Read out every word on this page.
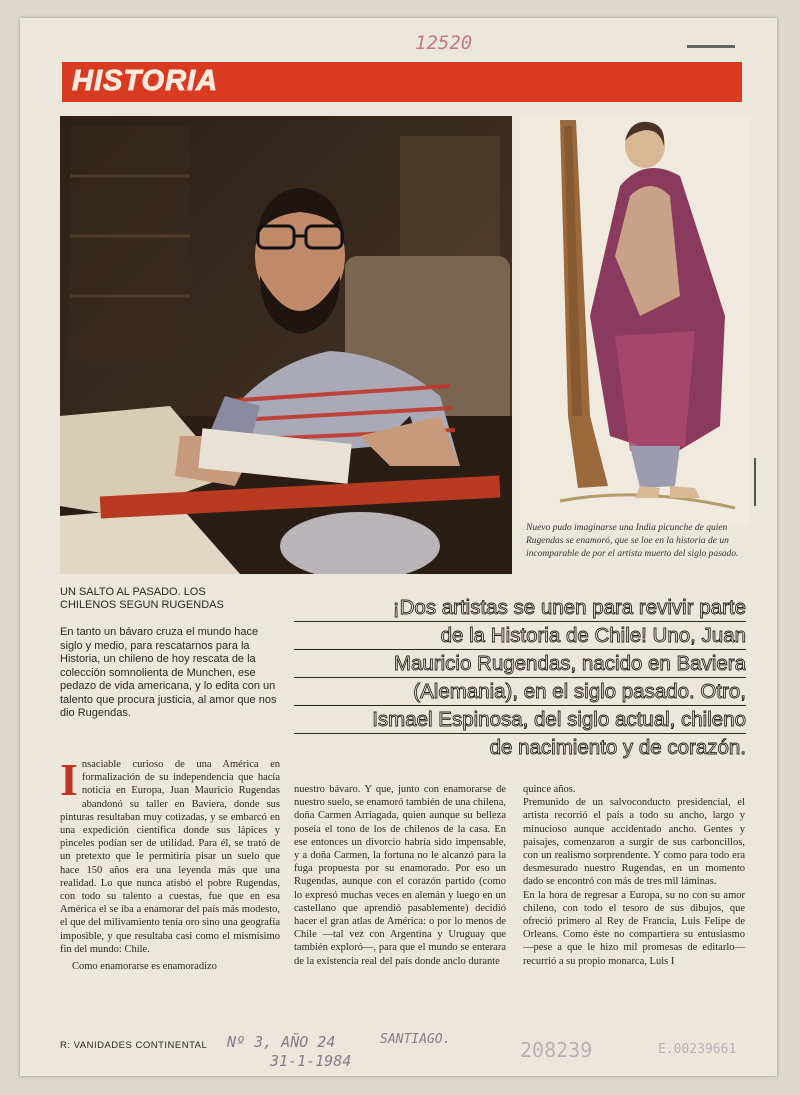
12520
HISTORIA
Nuevo pudo imaginarse una India picunche de quien Rugendas se enamoró, que se loe en la historia de un incomparable de por el artista muerto del siglo pasado.
UN SALTO AL PASADO. LOS CHILENOS SEGUN RUGENDAS
En tanto un bávaro cruza el mundo hace siglo y medio, para rescatarnos para la Historia, un chileno de hoy rescata de la colección somnolienta de Munchen, ese pedazo de vida americana, y lo edita con un talento que procura justicia, al amor que nos dio Rugendas.
¡Dos artistas se unen para revivir parte
de la Historia de Chile! Uno, Juan
Mauricio Rugendas, nacido en Baviera
(Alemania), en el siglo pasado. Otro,
Ismael Espinosa, del siglo actual, chileno
de nacimiento y de corazón.
Insaciable curioso de una América en formalización de su independencia que hacía noticia en Europa, Juan Mauricio Rugendas abandonó su taller en Baviera, donde sus pinturas resultaban muy cotizadas, y se embarcó en una expedición científica donde sus lápices y pinceles podían ser de utilidad. Para él, se trató de un pretexto que le permitiría pisar un suelo que hace 150 años era una leyenda más que una realidad. Lo que nunca atisbó el pobre Rugendas, con todo su talento a cuestas, fue que en esa América el se iba a enamorar del país más modesto, el que del milivamiento tenía oro sino una geografía imposible, y que resultaba casi como el mismísimo fin del mundo: Chile.
Como enamorarse es enamoradizo
nuestro bávaro. Y que, junto con enamorarse de nuestro suelo, se enamoró también de una chilena, doña Carmen Arriagada, quien aunque su belleza poseía el tono de los de chilenos de la casa. En ese entonces un divorcio habría sido impensable, y a doña Carmen, la fortuna no le alcanzó para la fuga propuesta por su enamorado. Por eso un Rugendas, aunque con el corazón partido (como lo expresó muchas veces en alemán y luego en un castellano que aprendió pasablemente) decidió hacer el gran atlas de América: o por lo menos de Chile —tal vez con Argentina y Uruguay que también exploró—, para que el mundo se enterara de la existencia real del país donde anclo durante
quince años.
Premunido de un salvoconducto presidencial, el artista recorrió el país a todo su ancho, largo y minucioso aunque accidentado ancho. Gentes y paisajes, comenzaron a surgir de sus carboncillos, con un realismo sorprendente. Y como para todo era desmesurado nuestro Rugendas, en un momento dado se encontró con más de tres mil láminas.
En la hora de regresar a Europa, su no con su amor chileno, con todo el tesoro de sus dibujos, que ofreció primero al Rey de Francia, Luis Felipe de Orleans. Como éste no compartiera su entusiasmo —pese a que le hizo mil promesas de editarlo— recurrió a su propio monarca, Luis I
R: VANIDADES CONTINENTAL Nº 3, AÑO 24	SANTIAGO.
31-1-1984	208239	E.00239661
